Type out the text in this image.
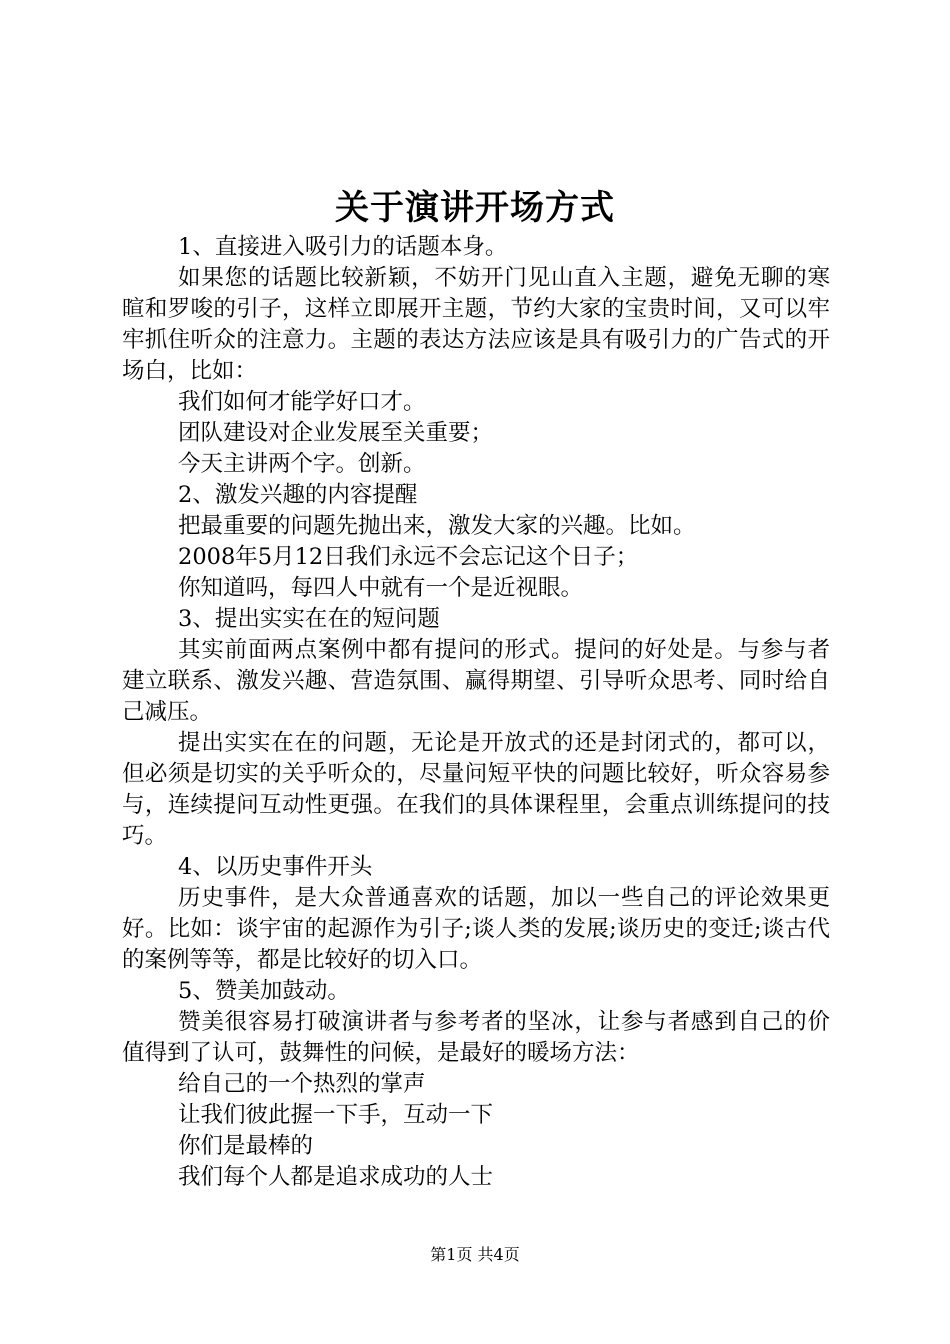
关于演讲开场方式

1、直接进入吸引力的话题本身。

如果您的话题比较新颖，不妨开门见山直入主题，避免无聊的寒暄和罗唆的引子，这样立即展开主题，节约大家的宝贵时间，又可以牢牢抓住听众的注意力。主题的表达方法应该是具有吸引力的广告式的开场白，比如：

我们如何才能学好口才。

团队建设对企业发展至关重要；

今天主讲两个字。创新。

2、激发兴趣的内容提醒

把最重要的问题先抛出来，激发大家的兴趣。比如。

2008年5月12日我们永远不会忘记这个日子；

你知道吗，每四人中就有一个是近视眼。

3、提出实实在在的短问题

其实前面两点案例中都有提问的形式。提问的好处是。与参与者建立联系、激发兴趣、营造氛围、赢得期望、引导听众思考、同时给自己减压。

提出实实在在的问题，无论是开放式的还是封闭式的，都可以，但必须是切实的关乎听众的，尽量问短平快的问题比较好，听众容易参与，连续提问互动性更强。在我们的具体课程里，会重点训练提问的技巧。

4、以历史事件开头

历史事件，是大众普通喜欢的话题，加以一些自己的评论效果更好。比如：谈宇宙的起源作为引子;谈人类的发展;谈历史的变迁;谈古代的案例等等，都是比较好的切入口。

5、赞美加鼓动。

赞美很容易打破演讲者与参考者的坚冰，让参与者感到自己的价值得到了认可，鼓舞性的问候，是最好的暖场方法：

给自己的一个热烈的掌声

让我们彼此握一下手，互动一下

你们是最棒的

我们每个人都是追求成功的人士

第1页 共4页
